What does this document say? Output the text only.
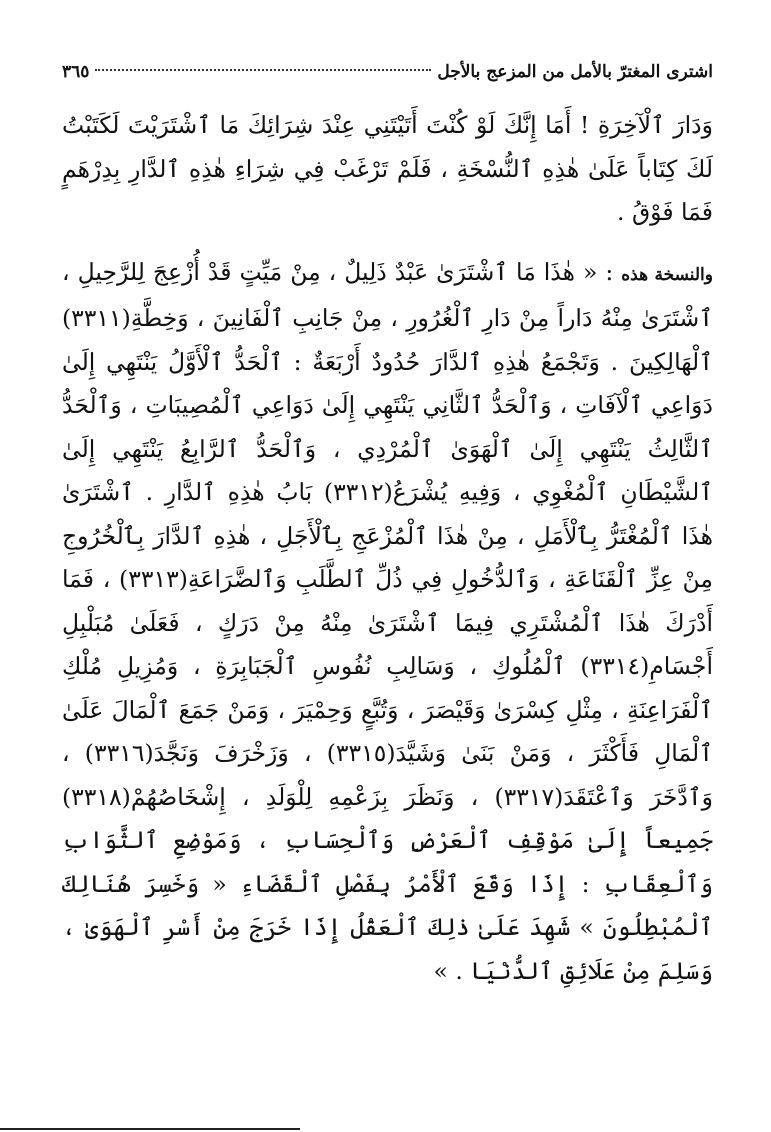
اشترى المغترّ بالأمل من المزعج بالأجل
٣٦٥

وَدَارَ ٱلْآخِرَةِ ! أَمَا إِنَّكَ لَوْ كُنْتَ أَتَيْتَنِي عِنْدَ شِرَائِكَ مَا ٱشْتَرَيْتَ لَكَتَبْتُ لَكَ كِتَاباً عَلَىٰ هٰذِهِ ٱلنُّسْخَةِ ، فَلَمْ تَرْغَبْ فِي شِرَاءِ هٰذِهِ ٱلدَّارِ بِدِرْهَمٍ فَمَا فَوْقُ .

والنسخة هذه : « هٰذَا مَا ٱشْتَرَىٰ عَبْدٌ ذَلِيلٌ ، مِنْ مَيِّتٍ قَدْ أُزْعِجَ لِلرَّحِيلِ ، ٱشْتَرَىٰ مِنْهُ دَاراً مِنْ دَارِ ٱلْغُرُورِ ، مِنْ جَانِبِ ٱلْفَانِينَ ، وَخِطَّةِ(٣٣١١) ٱلْهَالِكِينَ . وَتَجْمَعُ هٰذِهِ ٱلدَّارَ حُدُودٌ أَرْبَعَةٌ : ٱلْحَدُّ ٱلْأَوَّلُ يَنْتَهِي إِلَىٰ دَوَاعِي ٱلْآفَاتِ ، وَٱلْحَدُّ ٱلثَّانِي يَنْتَهِي إِلَىٰ دَوَاعِي ٱلْمُصِيبَاتِ ، وَٱلْحَدُّ ٱلثَّالِثُ يَنْتَهِي إِلَىٰ ٱلْهَوَىٰ ٱلْمُرْدِي ، وَٱلْحَدُّ ٱلرَّابِعُ يَنْتَهِي إِلَىٰ ٱلشَّيْطَانِ ٱلْمُغْوِي ، وَفِيهِ يُشْرَعُ(٣٣١٢) بَابُ هٰذِهِ ٱلدَّارِ . ٱشْتَرَىٰ هٰذَا ٱلْمُغْتَرُّ بِٱلْأَمَلِ ، مِنْ هٰذَا ٱلْمُزْعَجِ بِٱلْأَجَلِ ، هٰذِهِ ٱلدَّارَ بِٱلْخُرُوجِ مِنْ عِزِّ ٱلْقَنَاعَةِ ، وَٱلدُّخُولِ فِي ذُلِّ ٱلطَّلَبِ وَٱلضَّرَاعَةِ(٣٣١٣) ، فَمَا أَدْرَكَ هٰذَا ٱلْمُشْتَرِي فِيمَا ٱشْتَرَىٰ مِنْهُ مِنْ دَرَكٍ ، فَعَلَىٰ مُبَلْبِلِ أَجْسَامِ(٣٣١٤) ٱلْمُلُوكِ ، وَسَالِبِ نُفُوسِ ٱلْجَبَابِرَةِ ، وَمُزِيلِ مُلْكِ ٱلْفَرَاعِنَةِ ، مِثْلِ كِسْرَىٰ وَقَيْصَرَ ، وَتُبَّعٍ وَحِمْيَرَ ، وَمَنْ جَمَعَ ٱلْمَالَ عَلَىٰ ٱلْمَالِ فَأَكْثَرَ ، وَمَنْ بَنَىٰ وَشَيَّدَ(٣٣١٥) ، وَزَخْرَفَ وَنَجَّدَ(٣٣١٦) ، وَٱدَّخَرَ وَٱعْتَقَدَ(٣٣١٧) ، وَنَظَرَ بِزَعْمِهِ لِلْوَلَدِ ، إِشْخَاصُهُمْ(٣٣١٨) جَمِيعاً إِلَىٰ مَوْقِفِ ٱلْعَرْضِ وَٱلْحِسَابِ ، وَمَوْضِعِ ٱلثَّوَابِ وَٱلْعِقَابِ : إِذَا وَقَعَ ٱلْأَمْرُ بِفَصْلِ ٱلْقَضَاءِ « وَخَسِرَ هُنَالِكَ ٱلْمُبْطِلُونَ » شَهِدَ عَلَىٰ ذٰلِكَ ٱلْعَقْلُ إِذَا خَرَجَ مِنْ أَسْرِ ٱلْهَوَىٰ ، وَسَلِمَ مِنْ عَلَائِقِ ٱلدُّنْيَا . »
